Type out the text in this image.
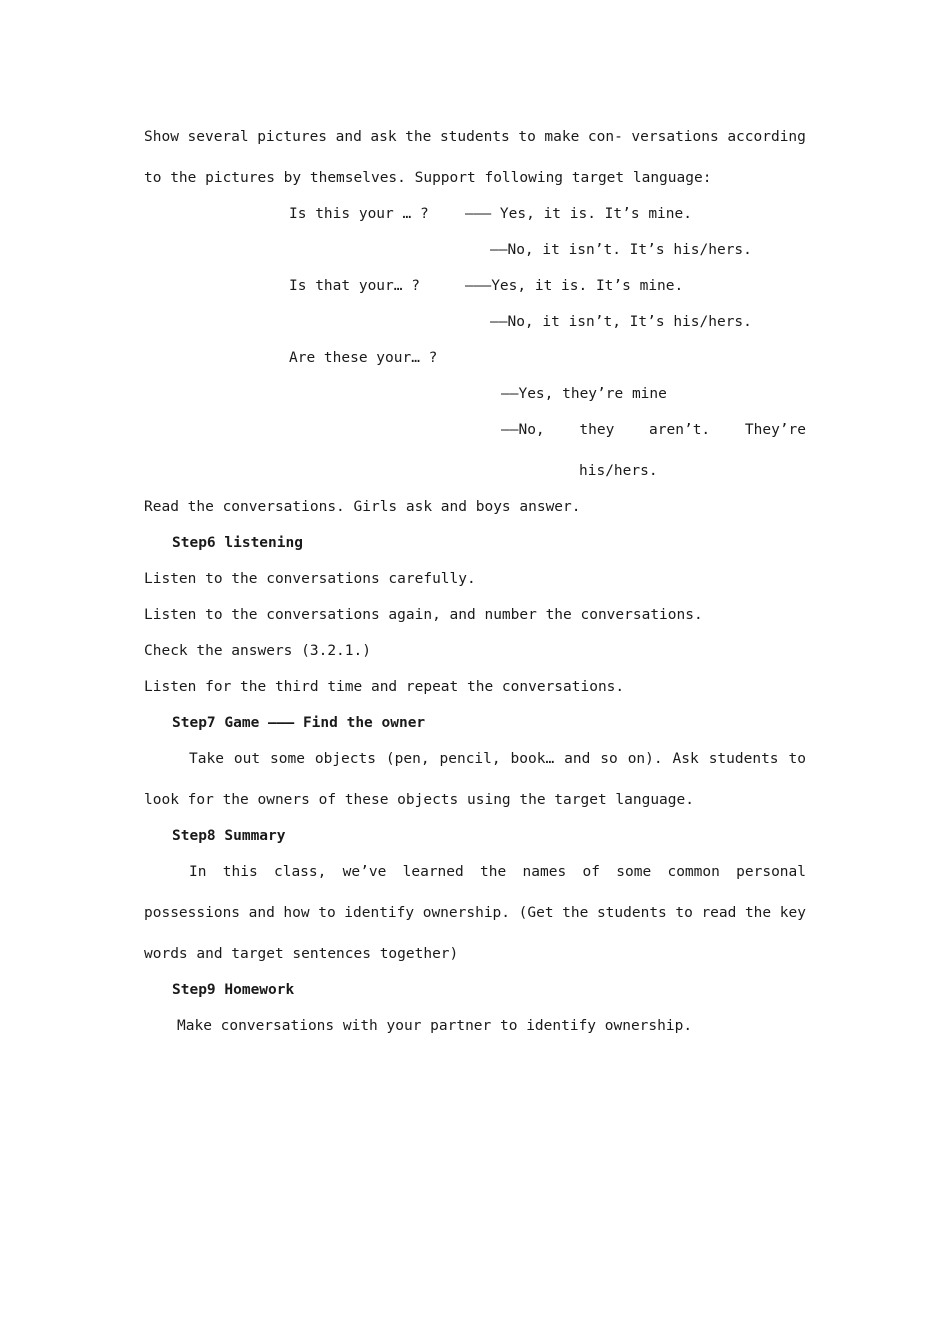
Show several pictures and ask the students to make con- versations according
to the pictures by themselves. Support following target language:
Is this your … ?	——— Yes, it is. It’s mine.
——No, it isn’t. It’s his/hers.
Is that your… ?	———Yes, it is. It’s mine.
——No, it isn’t, It’s his/hers.
Are these your… ?
——Yes, they’re mine
——No, they aren’t. They’re
his/hers.
Read the conversations. Girls ask and boys answer.
Step6 listening
Listen to the conversations carefully.
Listen to the conversations again, and number the conversations.
Check the answers (3.2.1.)
Listen for the third time and repeat the conversations.
Step7 Game ——— Find the owner
Take out some objects (pen, pencil, book… and so on). Ask students to
look for the owners of these objects using the target language.
Step8 Summary
In this class, we’ve learned the names of some common personal
possessions and how to identify ownership. (Get the students to read the key
words and target sentences together)
Step9 Homework
Make conversations with your partner to identify ownership.
